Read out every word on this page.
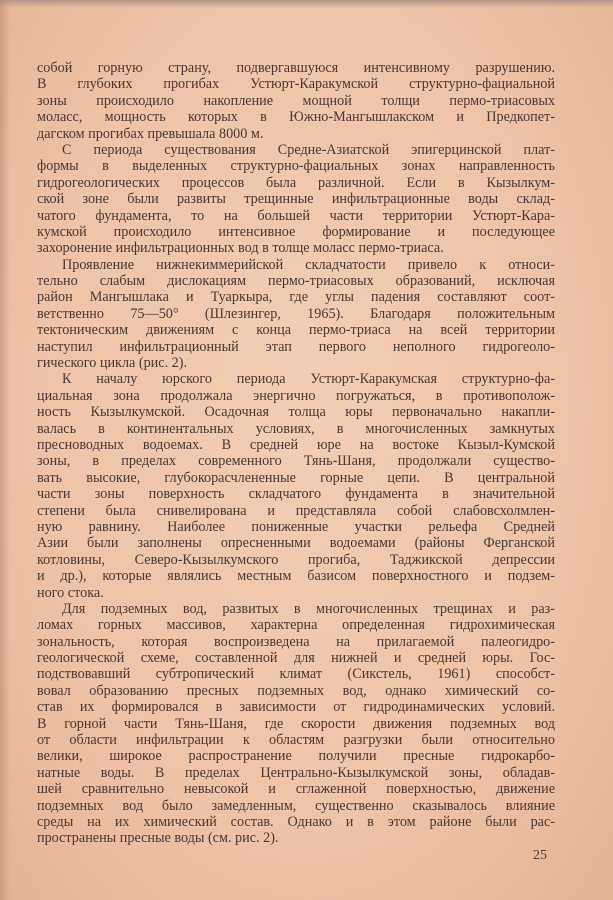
собой горную страну, подвергавшуюся интенсивному разрушению.
В глубоких прогибах Устюрт-Каракумской структурно-фациальной
зоны происходило накопление мощной толщи пермо-триасовых
моласс, мощность которых в Южно-Мангышлакском и Предкопет-
дагском прогибах превышала 8000 м.
С периода существования Средне-Азиатской эпигерцинской плат-
формы в выделенных структурно-фациальных зонах направленность
гидрогеологических процессов была различной. Если в Кызылкум-
ской зоне были развиты трещинные инфильтрационные воды склад-
чатого фундамента, то на большей части территории Устюрт-Кара-
кумской происходило интенсивное формирование и последующее
захоронение инфильтрационных вод в толще моласс пермо-триаса.
Проявление нижнекиммерийской складчатости привело к относи-
тельно слабым дислокациям пермо-триасовых образований, исключая
район Мангышлака и Туаркыра, где углы падения составляют соот-
ветственно 75—50° (Шлезингер, 1965). Благодаря положительным
тектоническим движениям с конца пермо-триаса на всей территории
наступил инфильтрационный этап первого неполного гидрогеоло-
гического цикла (рис. 2).
К началу юрского периода Устюрт-Каракумская структурно-фа-
циальная зона продолжала энергично погружаться, в противополож-
ность Кызылкумской. Осадочная толща юры первоначально накапли-
валась в континентальных условиях, в многочисленных замкнутых
пресноводных водоемах. В средней юре на востоке Кызыл-Кумской
зоны, в пределах современного Тянь-Шаня, продолжали существо-
вать высокие, глубокорасчлененные горные цепи. В центральной
части зоны поверхность складчатого фундамента в значительной
степени была снивелирована и представляла собой слабовсхолмлен-
ную равнину. Наиболее пониженные участки рельефа Средней
Азии были заполнены опресненными водоемами (районы Ферганской
котловины, Северо-Кызылкумского прогиба, Таджикской депрессии
и др.), которые являлись местным базисом поверхностного и подзем-
ного стока.
Для подземных вод, развитых в многочисленных трещинах и раз-
ломах горных массивов, характерна определенная гидрохимическая
зональность, которая воспроизведена на прилагаемой палеогидро-
геологической схеме, составленной для нижней и средней юры. Гос-
подствовавший субтропический климат (Сикстель, 1961) способст-
вовал образованию пресных подземных вод, однако химический со-
став их формировался в зависимости от гидродинамических условий.
В горной части Тянь-Шаня, где скорости движения подземных вод
от области инфильтрации к областям разгрузки были относительно
велики, широкое распространение получили пресные гидрокарбо-
натные воды. В пределах Центрально-Кызылкумской зоны, обладав-
шей сравнительно невысокой и сглаженной поверхностью, движение
подземных вод было замедленным, существенно сказывалось влияние
среды на их химический состав. Однако и в этом районе были рас-
пространены пресные воды (см. рис. 2).
25
